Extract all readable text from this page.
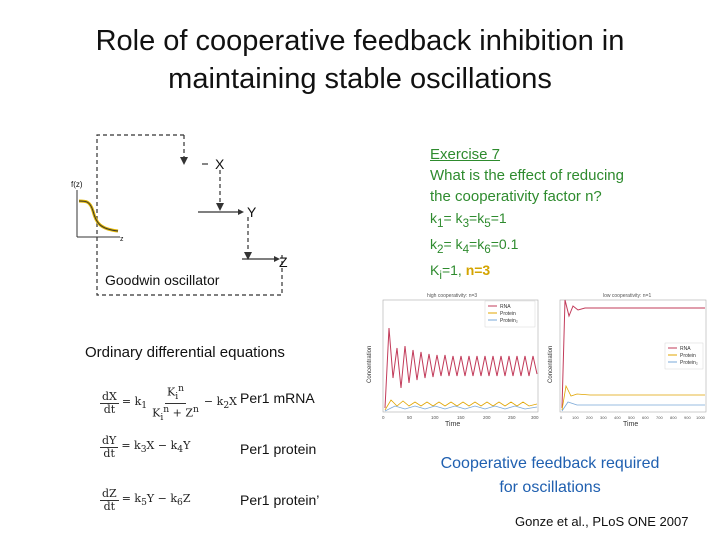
Role of cooperative feedback inhibition in
maintaining stable oscillations
X
Y
Z
f(z)
z
Goodwin oscillator
Exercise 7
What is the effect of reducing
the cooperativity factor n?
$k_1= k_3=k_5=1$
$k_2= k_4=k_6=0.1$
$K_i=1$, n=3
Ordinary differential equations
$\frac{dX}{dt} = k_1 \frac{K_i^n}{K_i^n + Z^n} - k_2X$ Per1 mRNA
$\frac{dY}{dt} = k_3X - k_4Y$	Per1 protein
$\frac{dZ}{dt} = k_5Y - k_6Z$	Per1 protein’
high cooperativity: n=3
RNA
Protein
Protein₂
Time
Concentration
0	50	100	150	200	250	300
low cooperativity: n=1
RNA
Protein
Protein₂
Time
Concentration
0 100 200 300 400 500 600 700 800 900 1000
Cooperative feedback required
for oscillations
Gonze et al., PLoS ONE 2007
